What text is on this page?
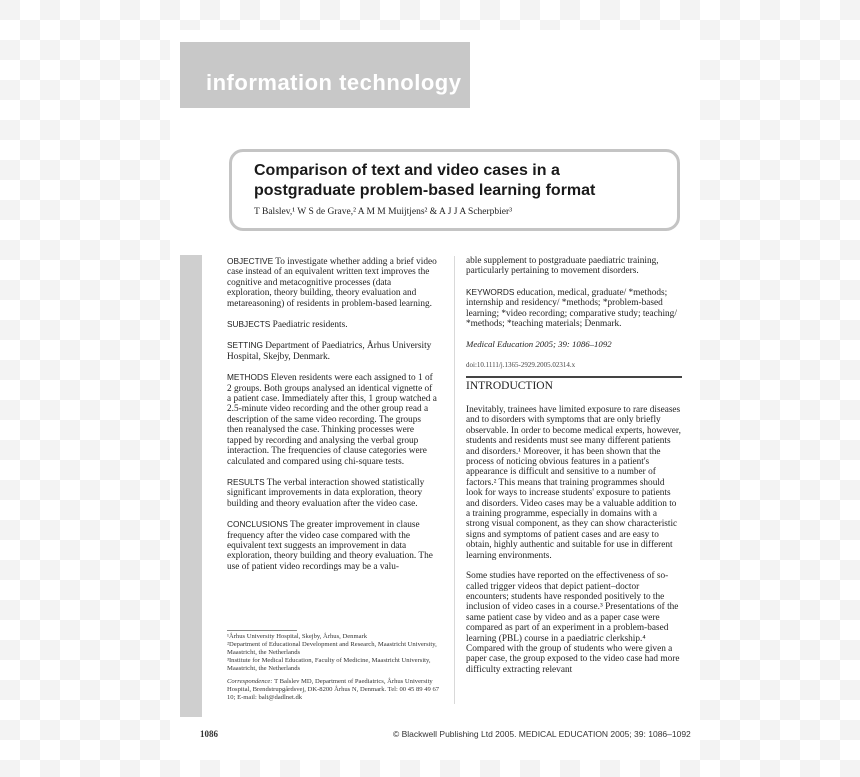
information technology
Comparison of text and video cases in a postgraduate problem-based learning format
T Balslev,¹ W S de Grave,² A M M Muijtjens² & A J J A Scherpbier³

OBJECTIVE To investigate whether adding a brief video case instead of an equivalent written text improves the cognitive and metacognitive processes (data exploration, theory building, theory evaluation and metareasoning) of residents in problem-based learning.

SUBJECTS Paediatric residents.

SETTING Department of Paediatrics, Århus University Hospital, Skejby, Denmark.

METHODS Eleven residents were each assigned to 1 of 2 groups. Both groups analysed an identical vignette of a patient case. Immediately after this, 1 group watched a 2.5-minute video recording and the other group read a description of the same video recording. The groups then reanalysed the case. Thinking processes were tapped by recording and analysing the verbal group interaction. The frequencies of clause categories were calculated and compared using chi-square tests.

RESULTS The verbal interaction showed statistically significant improvements in data exploration, theory building and theory evaluation after the video case.

CONCLUSIONS The greater improvement in clause frequency after the video case compared with the equivalent text suggests an improvement in data exploration, theory building and theory evaluation. The use of patient video recordings may be a valu-

able supplement to postgraduate paediatric training, particularly pertaining to movement disorders.

KEYWORDS education, medical, graduate/ *methods; internship and residency/ *methods; *problem-based learning; *video recording; comparative study; teaching/ *methods; *teaching materials; Denmark.

Medical Education 2005; 39: 1086–1092

doi:10.1111/j.1365-2929.2005.02314.x

INTRODUCTION

Inevitably, trainees have limited exposure to rare diseases and to disorders with symptoms that are only briefly observable. In order to become medical experts, however, students and residents must see many different patients and disorders.¹ Moreover, it has been shown that the process of noticing obvious features in a patient's appearance is difficult and sensitive to a number of factors.² This means that training programmes should look for ways to increase students' exposure to patients and disorders. Video cases may be a valuable addition to a training programme, especially in domains with a strong visual component, as they can show characteristic signs and symptoms of patient cases and are easy to obtain, highly authentic and suitable for use in different learning environments.

Some studies have reported on the effectiveness of so-called trigger videos that depict patient–doctor encounters; students have responded positively to the inclusion of video cases in a course.³ Presentations of the same patient case by video and as a paper case were compared as part of an experiment in a problem-based learning (PBL) course in a paediatric clerkship.⁴ Compared with the group of students who were given a paper case, the group exposed to the video case had more difficulty extracting relevant

¹Århus University Hospital, Skejby, Århus, Denmark

²Department of Educational Development and Research, Maastricht University, Maastricht, the Netherlands

³Institute for Medical Education, Faculty of Medicine, Maastricht University, Maastricht, the Netherlands

Correspondence: T Balslev MD, Department of Paediatrics, Århus University Hospital, Brendstrupgårdsvej, DK-8200 Århus N, Denmark. Tel: 00 45 89 49 67 10; E-mail: balt@dadlnet.dk

1086	© Blackwell Publishing Ltd 2005. MEDICAL EDUCATION 2005; 39: 1086–1092
